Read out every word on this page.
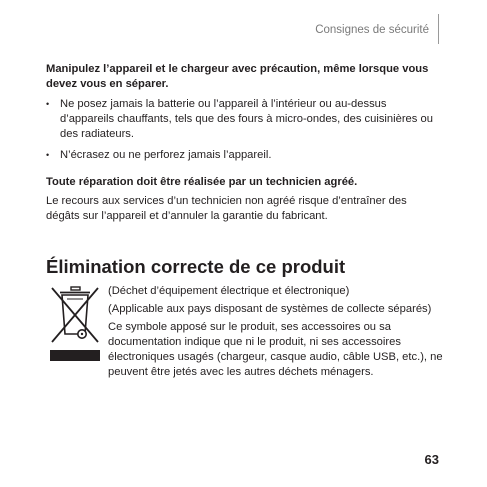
Consignes de sécurité

Manipulez l’appareil et le chargeur avec précaution, même lorsque vous devez vous en séparer.

• Ne posez jamais la batterie ou l’appareil à l’intérieur ou au-dessus d’appareils chauffants, tels que des fours à micro-ondes, des cuisinières ou des radiateurs.
• N’écrasez ou ne perforez jamais l’appareil.

Toute réparation doit être réalisée par un technicien agréé.

Le recours aux services d’un technicien non agréé risque d’entraîner des dégâts sur l’appareil et d’annuler la garantie du fabricant.

Élimination correcte de ce produit

(Déchet d’équipement électrique et électronique)

(Applicable aux pays disposant de systèmes de collecte séparés)

Ce symbole apposé sur le produit, ses accessoires ou sa documentation indique que ni le produit, ni ses accessoires électroniques usagés (chargeur, casque audio, câble USB, etc.), ne peuvent être jetés avec les autres déchets ménagers.

63
